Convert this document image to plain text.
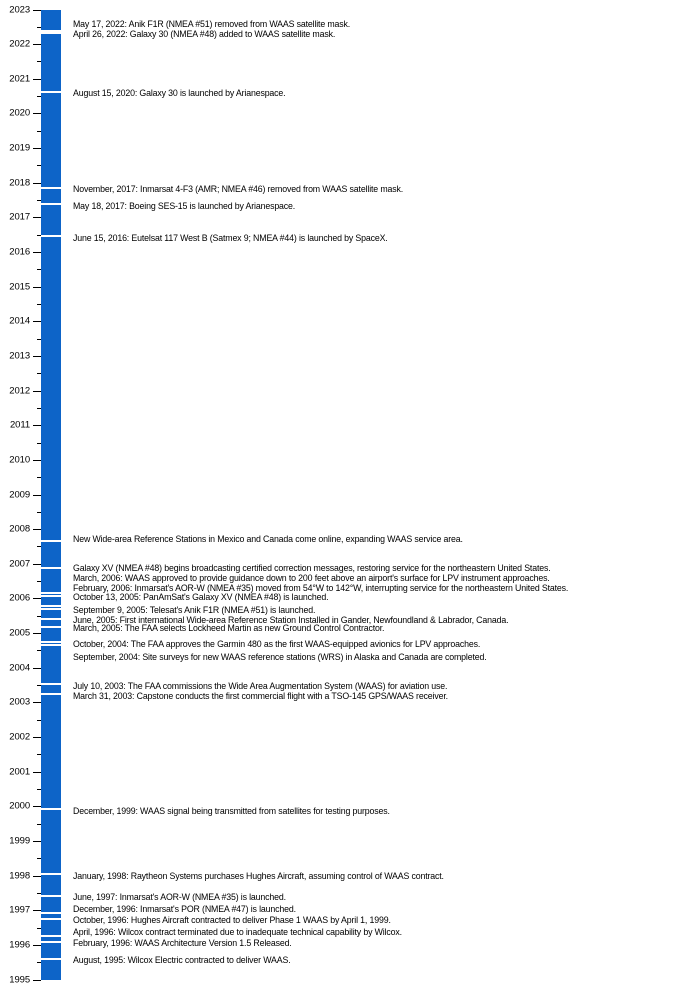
2023
2022
2021
2020
2019
2018
2017
2016
2015
2014
2013
2012
2011
2010
2009
2008
2007
2006
2005
2004
2003
2002
2001
2000
1999
1998
1997
1996
1995
May 17, 2022: Anik F1R (NMEA #51) removed from WAAS satellite mask.
April 26, 2022: Galaxy 30 (NMEA #48) added to WAAS satellite mask.
August 15, 2020: Galaxy 30 is launched by Arianespace.
November, 2017: Inmarsat 4-F3 (AMR; NMEA #46) removed from WAAS satellite mask.
May 18, 2017: Boeing SES-15 is launched by Arianespace.
June 15, 2016: Eutelsat 117 West B (Satmex 9; NMEA #44) is launched by SpaceX.
New Wide-area Reference Stations in Mexico and Canada come online, expanding WAAS service area.
Galaxy XV (NMEA #48) begins broadcasting certified correction messages, restoring service for the northeastern United States.
March, 2006: WAAS approved to provide guidance down to 200 feet above an airport's surface for LPV instrument approaches.
February, 2006: Inmarsat's AOR-W (NMEA #35) moved from 54°W to 142°W, interrupting service for the northeastern United States.
October 13, 2005: PanAmSat's Galaxy XV (NMEA #48) is launched.
September 9, 2005: Telesat's Anik F1R (NMEA #51) is launched.
June, 2005: First international Wide-area Reference Station Installed in Gander, Newfoundland & Labrador, Canada.
March, 2005: The FAA selects Lockheed Martin as new Ground Control Contractor.
October, 2004: The FAA approves the Garmin 480 as the first WAAS-equipped avionics for LPV approaches.
September, 2004: Site surveys for new WAAS reference stations (WRS) in Alaska and Canada are completed.
July 10, 2003: The FAA commissions the Wide Area Augmentation System (WAAS) for aviation use.
March 31, 2003: Capstone conducts the first commercial flight with a TSO-145 GPS/WAAS receiver.
December, 1999: WAAS signal being transmitted from satellites for testing purposes.
January, 1998: Raytheon Systems purchases Hughes Aircraft, assuming control of WAAS contract.
June, 1997: Inmarsat's AOR-W (NMEA #35) is launched.
December, 1996: Inmarsat's POR (NMEA #47) is launched.
October, 1996: Hughes Aircraft contracted to deliver Phase 1 WAAS by April 1, 1999.
April, 1996: Wilcox contract terminated due to inadequate technical capability by Wilcox.
February, 1996: WAAS Architecture Version 1.5 Released.
August, 1995: Wilcox Electric contracted to deliver WAAS.
